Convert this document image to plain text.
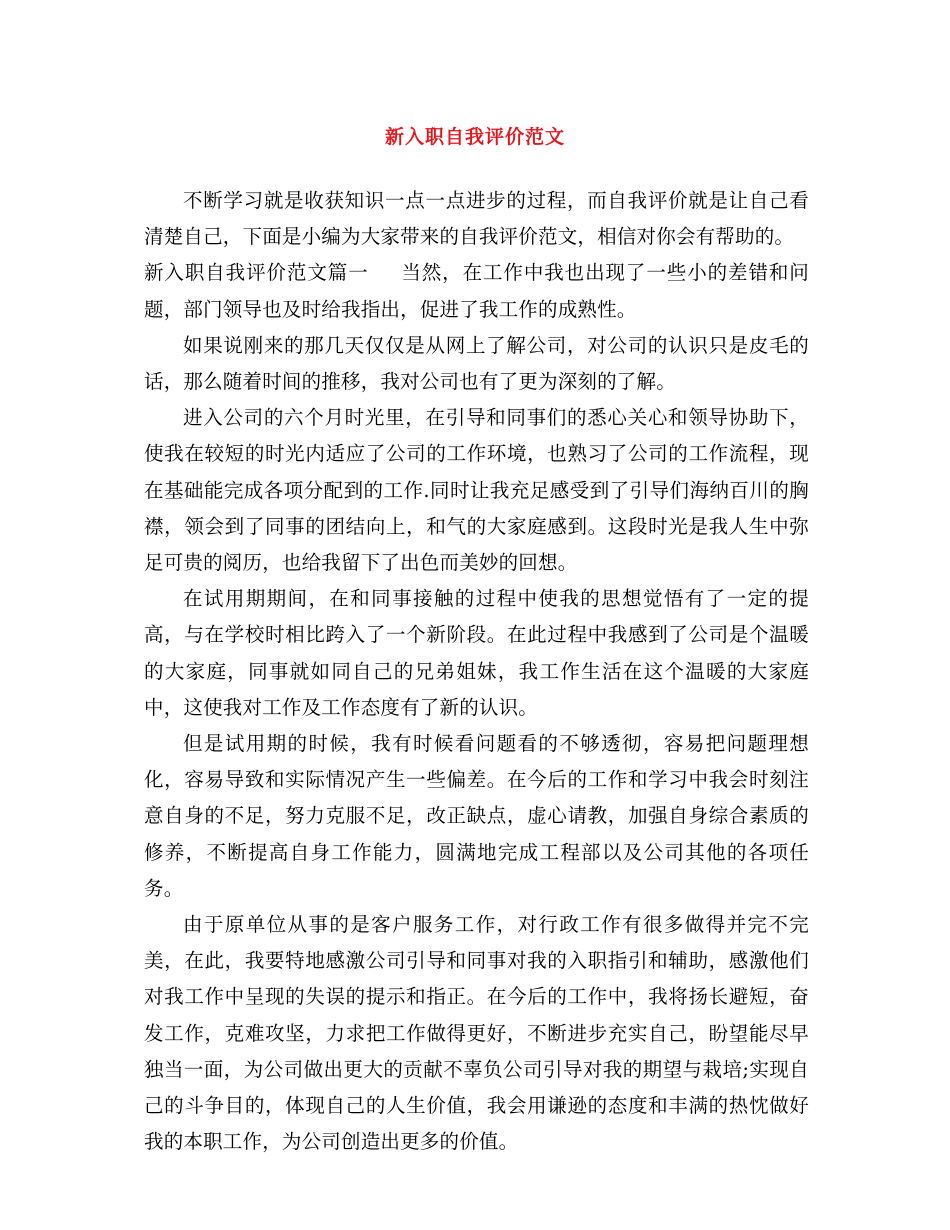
新入职自我评价范文

不断学习就是收获知识一点一点进步的过程，而自我评价就是让自己看清楚自己，下面是小编为大家带来的自我评价范文，相信对你会有帮助的。

新入职自我评价范文篇一 当然，在工作中我也出现了一些小的差错和问题，部门领导也及时给我指出，促进了我工作的成熟性。

如果说刚来的那几天仅仅是从网上了解公司，对公司的认识只是皮毛的话，那么随着时间的推移，我对公司也有了更为深刻的了解。

进入公司的六个月时光里，在引导和同事们的悉心关心和领导协助下，使我在较短的时光内适应了公司的工作环境，也熟习了公司的工作流程，现在基础能完成各项分配到的工作.同时让我充足感受到了引导们海纳百川的胸襟，领会到了同事的团结向上，和气的大家庭感到。这段时光是我人生中弥足可贵的阅历，也给我留下了出色而美妙的回想。

在试用期期间，在和同事接触的过程中使我的思想觉悟有了一定的提高，与在学校时相比跨入了一个新阶段。在此过程中我感到了公司是个温暖的大家庭，同事就如同自己的兄弟姐妹，我工作生活在这个温暖的大家庭中，这使我对工作及工作态度有了新的认识。

但是试用期的时候，我有时候看问题看的不够透彻，容易把问题理想化，容易导致和实际情况产生一些偏差。在今后的工作和学习中我会时刻注意自身的不足，努力克服不足，改正缺点，虚心请教，加强自身综合素质的修养，不断提高自身工作能力，圆满地完成工程部以及公司其他的各项任务。

由于原单位从事的是客户服务工作，对行政工作有很多做得并完不完美，在此，我要特地感激公司引导和同事对我的入职指引和辅助，感激他们对我工作中呈现的失误的提示和指正。在今后的工作中，我将扬长避短，奋发工作，克难攻坚，力求把工作做得更好，不断进步充实自己，盼望能尽早独当一面，为公司做出更大的贡献不辜负公司引导对我的期望与栽培;实现自己的斗争目的，体现自己的人生价值，我会用谦逊的态度和丰满的热忱做好我的本职工作，为公司创造出更多的价值。
